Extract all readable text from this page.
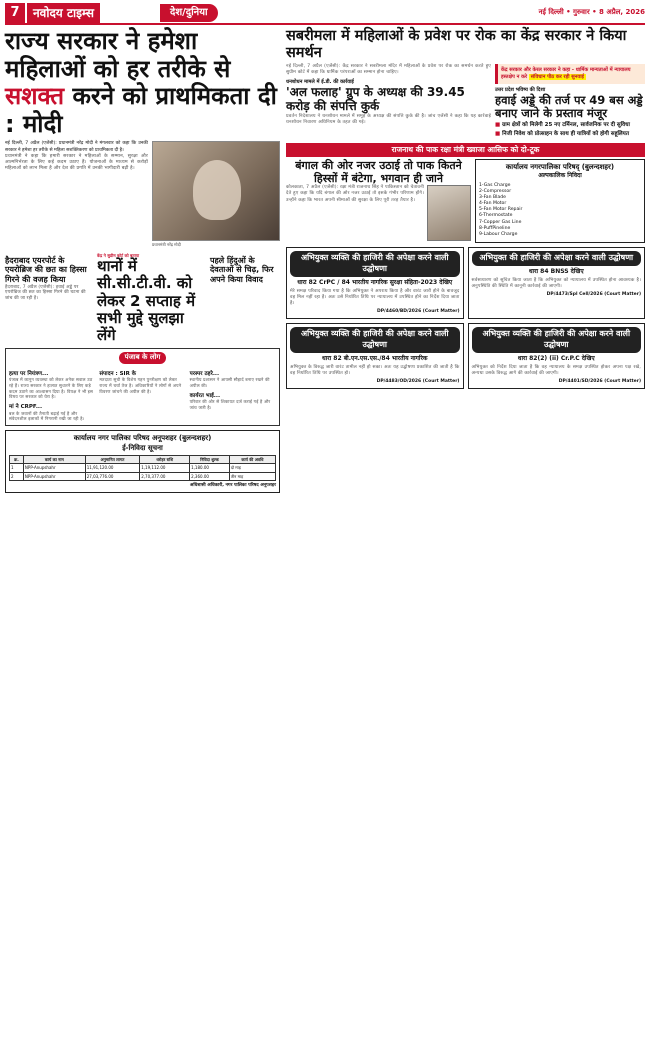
7	नवोदय टाइम्स	देश/दुनिया	नई दिल्ली • गुरुवार • 8 अप्रैल, 2026
राज्य सरकार ने हमेशा महिलाओं को हर तरीके से सशक्त करने को प्राथमिकता दी : मोदी

नई दिल्ली, 7 अप्रैल (एजेंसी): प्रधानमंत्री नरेंद्र मोदी ने मंगलवार को कहा कि उनकी सरकार ने हमेशा हर तरीके से महिला सशक्तिकरण को प्राथमिकता दी है।

प्रधानमंत्री ने कहा कि हमारी सरकार ने महिलाओं के सम्मान, सुरक्षा और आत्मनिर्भरता के लिए कई कदम उठाए हैं। योजनाओं के माध्यम से करोड़ों महिलाओं को लाभ मिला है और देश की प्रगति में उनकी भागीदारी बढ़ी है।

प्रधानमंत्री नरेंद्र मोदी
हैदराबाद एयरपोर्ट के एयरोब्रिज की छत का हिस्सा गिरने की वजह किया

हैदराबाद, 7 अप्रैल (एजेंसी): हवाई अड्डे पर एयरोब्रिज की छत का हिस्सा गिरने की घटना की जांच की जा रही है।

केंद्र ने सुप्रीम कोर्ट को बताया
थानों में सी.सी.टी.वी. को लेकर 2 सप्ताह में सभी मुद्दे सुलझा लेंगे
पहले हिंदुओं के देवताओं से चिढ़, फिर अपने किया विवाद
पंजाब के लोग
हत्या पर नियंत्रण...

पंजाब में कानून व्यवस्था को लेकर अनेक सवाल उठ रहे हैं। राज्य सरकार ने हालात सुधारने के लिए कड़े कदम उठाने का आश्वासन दिया है। विपक्ष ने भी इस विषय पर सरकार को घेरा है।

मां ने CRPF...

बल के जवानों की तैनाती बढ़ाई गई है और संवेदनशील इलाकों में निगरानी रखी जा रही है।

संपादन : SIR के

मतदाता सूची के विशेष गहन पुनरीक्षण को लेकर राज्य में चर्चा तेज है। अधिकारियों ने लोगों से अपने विवरण जांचने की अपील की है।

परस्पर ठहरे...

स्थानीय प्रशासन ने आपसी सौहार्द बनाए रखने की अपील की।

कार्यरत भाई...

परिवार की ओर से शिकायत दर्ज कराई गई है और जांच जारी है।

कार्यालय नगर पालिका परिषद अनूपशहर (बुलन्दशहर)
ई-निविदा सूचना
क्र.	कार्य का नाम	अनुमानित लागत	धरोहर राशि	निविदा शुल्क	कार्य की अवधि
1	NPP-Anupshahr	11,91,120.00	1,19,112.00	1,180.00	दो माह
2	NPP-Anupshahr	27,03,776.00	2,70,377.00	2,360.00	तीन माह
अधिशासी अधिकारी, नगर पालिका परिषद अनूपशहर
सबरीमला में महिलाओं के प्रवेश पर रोक का केंद्र सरकार ने किया समर्थन

नई दिल्ली, 7 अप्रैल (एजेंसी): केंद्र सरकार ने सबरीमला मंदिर में महिलाओं के प्रवेश पर रोक का समर्थन करते हुए सुप्रीम कोर्ट में कहा कि धार्मिक परंपराओं का सम्मान होना चाहिए।

धनशोधन मामले में ई.डी. की कार्रवाई
'अल फलाह' ग्रुप के अध्यक्ष की 39.45 करोड़ की संपत्ति कुर्क

प्रवर्तन निदेशालय ने धनशोधन मामले में समूह के अध्यक्ष की संपत्ति कुर्क की है। जांच एजेंसी ने कहा कि यह कार्रवाई धनशोधन निवारण अधिनियम के तहत की गई।

केंद्र सरकार और केरल सरकार ने कहा - धार्मिक मान्यताओं में न्यायालय हस्तक्षेप न करे संविधान पीठ कर रही सुनवाई
उत्तर प्रदेश भविष्य की दिशा
हवाई अड्डे की तर्ज पर 49 बस अड्डे बनाए जाने के प्रस्ताव मंजूर
■ ग्राम क्षेत्रों को मिलेगी 25 नए टर्मिनल, सार्वजनिक पर दी सुविधा
■ निजी निवेश को प्रोत्साहन के साथ ही यात्रियों को होगी सहूलियत
राजनाथ की पाक रक्षा मंत्री ख्वाजा आसिफ को दो-टूक
बंगाल की ओर नजर उठाई तो पाक कितने हिस्सों में बंटेगा, भगवान ही जाने

कोलकाता, 7 अप्रैल (एजेंसी): रक्षा मंत्री राजनाथ सिंह ने पाकिस्तान को चेतावनी देते हुए कहा कि यदि बंगाल की ओर नजर उठाई तो इसके गंभीर परिणाम होंगे। उन्होंने कहा कि भारत अपनी सीमाओं की सुरक्षा के लिए पूरी तरह तैयार है।

कार्यालय नगरपालिका परिषद् (बुलन्दशहर)
अल्पकालिक निविदा
1-Gas Charge
2-Compressor
3-Fan Blade
4-Fan Motor
5-Fan Motor Repair
6-Thermostate
7-Copper Gas Line
8-PuffPineline
9-Labour Charge
अभियुक्त व्यक्ति की हाजिरी की अपेक्षा करने वाली उद्घोषणा
धारा 82 CrPC / 84 भारतीय नागरिक सुरक्षा संहिता-2023 देखिए

मेरे समक्ष परिवाद किया गया है कि अभियुक्त ने अपराध किया है और वारंट जारी होने के बावजूद वह मिल नहीं रहा है। अतः उसे निर्धारित तिथि पर न्यायालय में उपस्थित होने का निर्देश दिया जाता है।

DP/4460/BD/2026 (Court Matter)
अभियुक्त की हाजिरी की अपेक्षा करने वाली उद्घोषणा
धारा 84 BNSS देखिए

सर्वसाधारण को सूचित किया जाता है कि अभियुक्त को न्यायालय में उपस्थित होना आवश्यक है। अनुपस्थिति की स्थिति में कानूनी कार्रवाई की जाएगी।

DP/4473/Spl Cell/2026 (Court Matter)
अभियुक्त व्यक्ति की हाजिरी की अपेक्षा करने वाली उद्घोषणा
धारा 82 बी.एन.एस.एस./84 भारतीय नागरिक

अभियुक्त के विरुद्ध जारी वारंट तामील नहीं हो सका। अतः यह उद्घोषणा प्रकाशित की जाती है कि वह निर्धारित तिथि पर उपस्थित हो।

DP/4483/OD/2026 (Court Matter)
अभियुक्त व्यक्ति की हाजिरी की अपेक्षा करने वाली उद्घोषणा
धारा 82(2) (ii) Cr.P.C देखिए

अभियुक्त को निर्देश दिया जाता है कि वह न्यायालय के समक्ष उपस्थित होकर अपना पक्ष रखे, अन्यथा उसके विरुद्ध आगे की कार्रवाई की जाएगी।

DP/4401/SD/2026 (Court Matter)
